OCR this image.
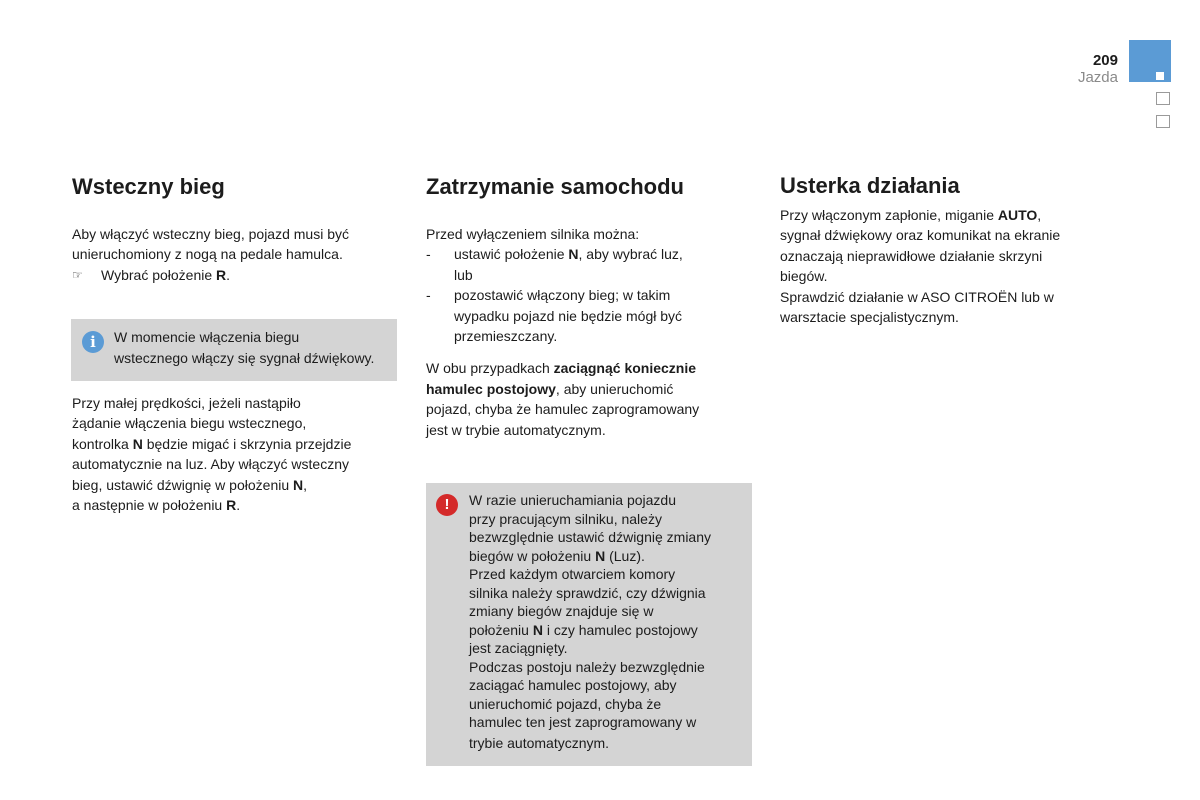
209
Jazda
Wsteczny bieg

Aby włączyć wsteczny bieg, pojazd musi być

unieruchomiony z nogą na pedale hamulca.

☞	Wybrać położenie R.
i	W momencie włączenia biegu

wstecznego włączy się sygnał dźwiękowy.

Przy małej prędkości, jeżeli nastąpiło

żądanie włączenia biegu wstecznego,

kontrolka N będzie migać i skrzynia przejdzie

automatycznie na luz. Aby włączyć wsteczny

bieg, ustawić dźwignię w położeniu N,

a następnie w położeniu R.

Zatrzymanie samochodu

Przed wyłączeniem silnika można:

-	ustawić położenie N, aby wybrać luz,
lub
-	pozostawić włączony bieg; w takim
wypadku pojazd nie będzie mógł być
przemieszczany.

W obu przypadkach zaciągnąć koniecznie

hamulec postojowy, aby unieruchomić

pojazd, chyba że hamulec zaprogramowany

jest w trybie automatycznym.

!	W razie unieruchamiania pojazdu

przy pracującym silniku, należy

bezwzględnie ustawić dźwignię zmiany

biegów w położeniu N (Luz).

Przed każdym otwarciem komory

silnika należy sprawdzić, czy dźwignia

zmiany biegów znajduje się w

położeniu N i czy hamulec postojowy

jest zaciągnięty.

Podczas postoju należy bezwzględnie

zaciągać hamulec postojowy, aby

unieruchomić pojazd, chyba że

hamulec ten jest zaprogramowany w

trybie automatycznym.

Usterka działania

Przy włączonym zapłonie, miganie AUTO,

sygnał dźwiękowy oraz komunikat na ekranie

oznaczają nieprawidłowe działanie skrzyni

biegów.

Sprawdzić działanie w ASO CITROËN lub w

warsztacie specjalistycznym.
